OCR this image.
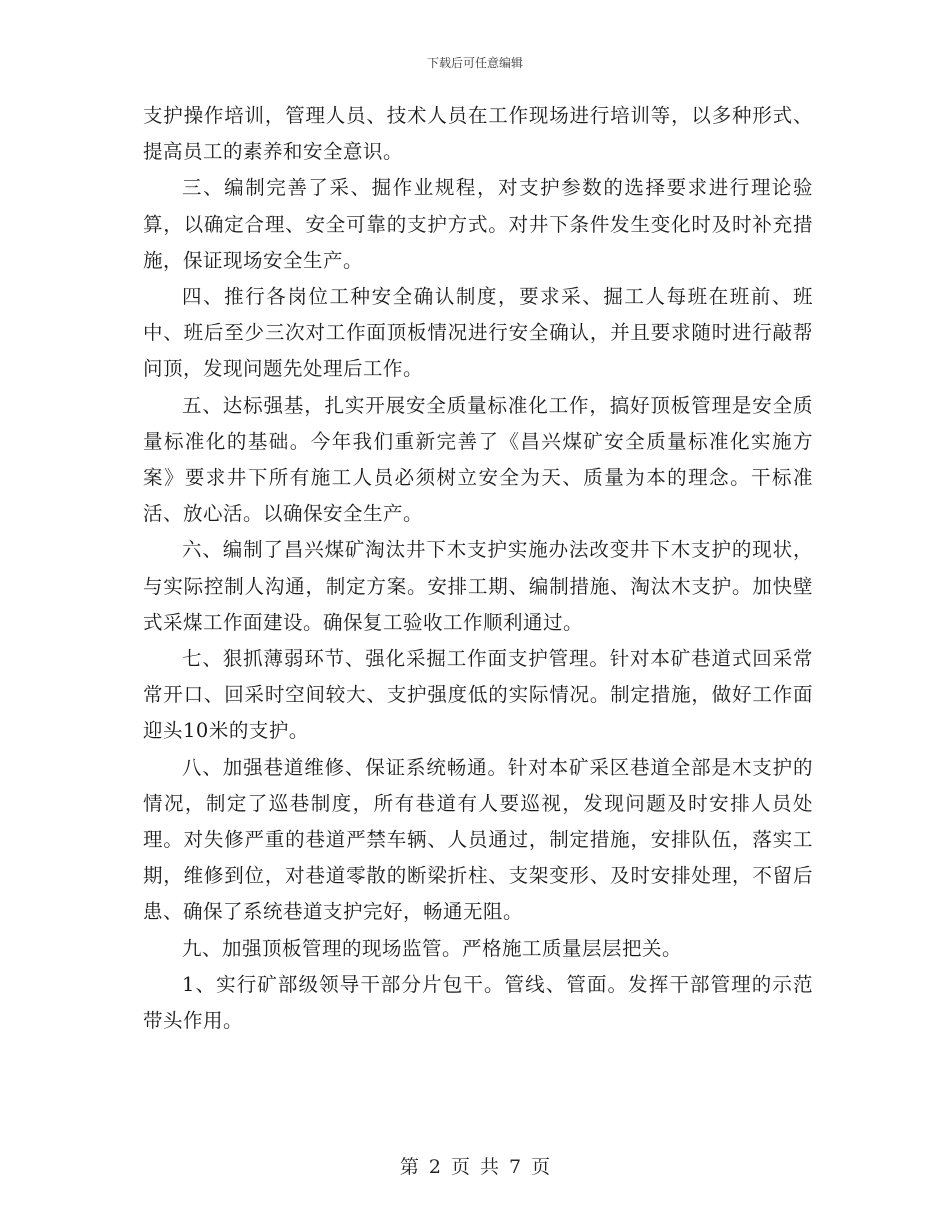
下载后可任意编辑

支护操作培训，管理人员、技术人员在工作现场进行培训等，以多种形式、提高员工的素养和安全意识。

三、编制完善了采、掘作业规程，对支护参数的选择要求进行理论验算，以确定合理、安全可靠的支护方式。对井下条件发生变化时及时补充措施，保证现场安全生产。

四、推行各岗位工种安全确认制度，要求采、掘工人每班在班前、班中、班后至少三次对工作面顶板情况进行安全确认，并且要求随时进行敲帮问顶，发现问题先处理后工作。

五、达标强基，扎实开展安全质量标准化工作，搞好顶板管理是安全质量标准化的基础。今年我们重新完善了《昌兴煤矿安全质量标准化实施方案》要求井下所有施工人员必须树立安全为天、质量为本的理念。干标准活、放心活。以确保安全生产。

六、编制了昌兴煤矿淘汰井下木支护实施办法改变井下木支护的现状，与实际控制人沟通，制定方案。安排工期、编制措施、淘汰木支护。加快壁式采煤工作面建设。确保复工验收工作顺利通过。

七、狠抓薄弱环节、强化采掘工作面支护管理。针对本矿巷道式回采常常开口、回采时空间较大、支护强度低的实际情况。制定措施，做好工作面迎头10米的支护。

八、加强巷道维修、保证系统畅通。针对本矿采区巷道全部是木支护的情况，制定了巡巷制度，所有巷道有人要巡视，发现问题及时安排人员处理。对失修严重的巷道严禁车辆、人员通过，制定措施，安排队伍，落实工期，维修到位，对巷道零散的断梁折柱、支架变形、及时安排处理，不留后患、确保了系统巷道支护完好，畅通无阻。

九、加强顶板管理的现场监管。严格施工质量层层把关。

1、实行矿部级领导干部分片包干。管线、管面。发挥干部管理的示范带头作用。

第 2 页 共 7 页
